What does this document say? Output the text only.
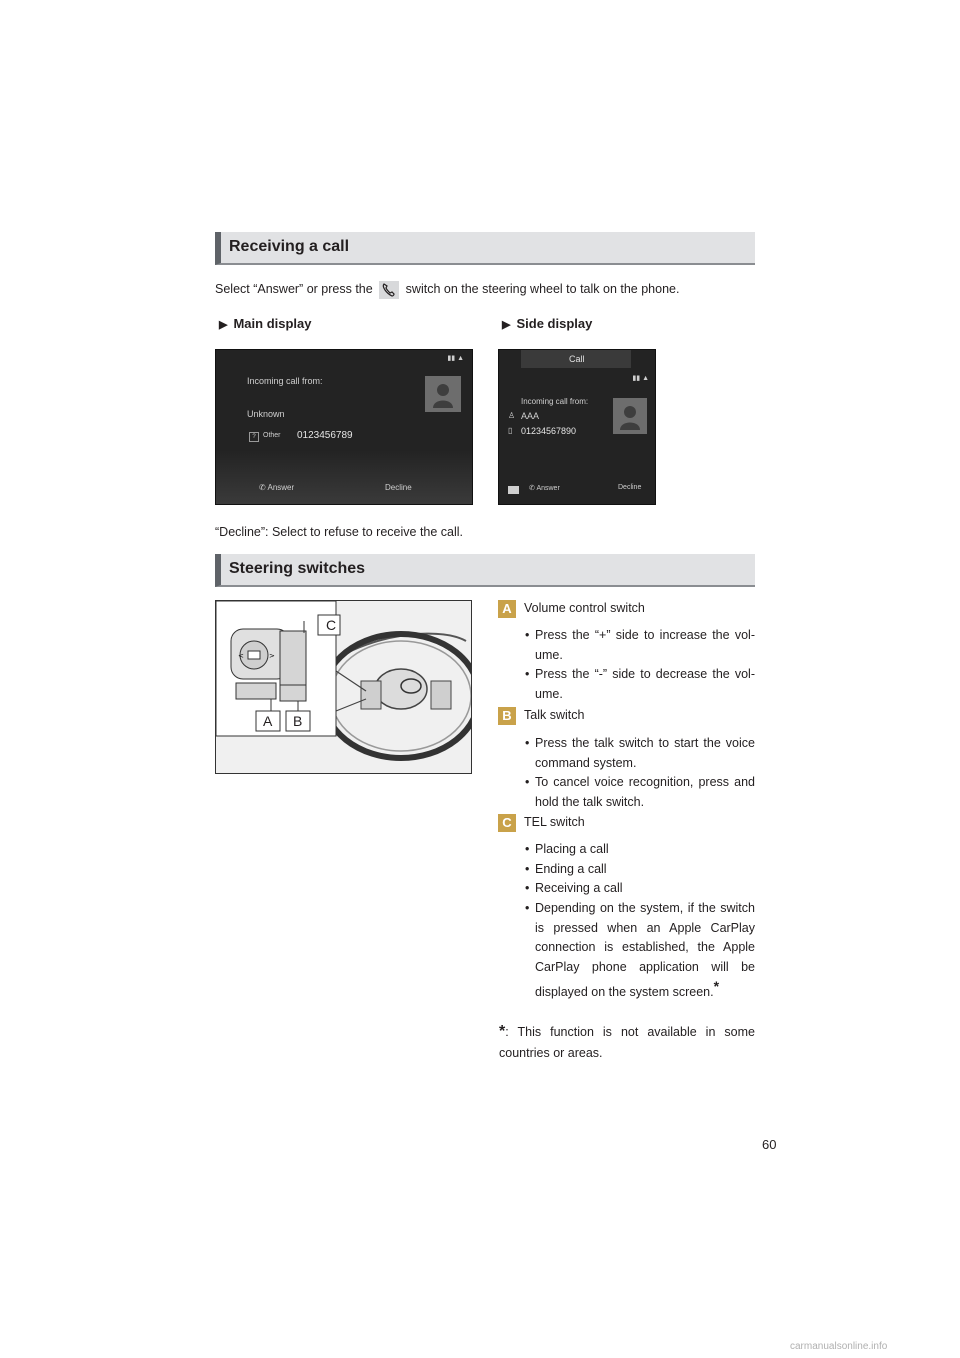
Receiving a call
Select “Answer” or press the	switch on the steering wheel to talk on the phone.
▶ Main display	▶ Side display
▮▮ ▲
Incoming call from:
Unknown
?	Other 0123456789
✆ Answer	Decline
Call
▮▮ ▲
Incoming call from:
♙ AAA
▯ 01234567890
✆ Answer	Decline
“Decline”: Select to refuse to receive the call.
Steering switches
<	>
C
A B
A Volume control switch
• Press the “+” side to increase the vol- ume.
• Press the “-” side to decrease the vol- ume.
B Talk switch
• Press the talk switch to start the voice command system.
• To cancel voice recognition, press and hold the talk switch.
C TEL switch
• Placing a call
• Ending a call
• Receiving a call
• Depending on the system, if the switch is pressed when an Apple CarPlay connection is established, the Apple CarPlay phone application will be displayed on the system screen.*
*: This function is not available in some countries or areas.
60
carmanualsonline.info
